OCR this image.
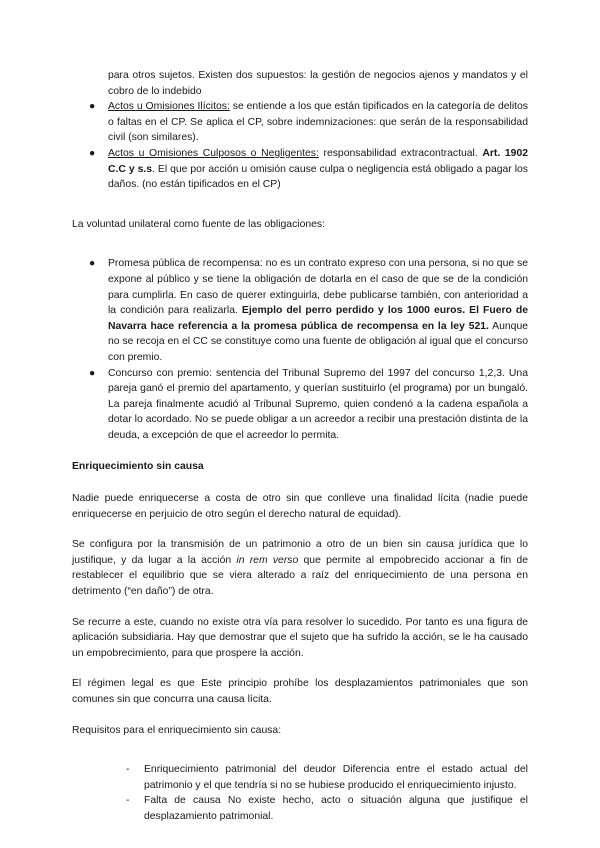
para otros sujetos. Existen dos supuestos: la gestión de negocios ajenos y mandatos y el cobro de lo indebido

● Actos u Omisiones Ilícitos: se entiende a los que están tipificados en la categoría de delitos o faltas en el CP. Se aplica el CP, sobre indemnizaciones: que serán de la responsabilidad civil (son similares).

● Actos u Omisiones Culposos o Negligentes: responsabilidad extracontractual. Art. 1902 C.C y s.s. El que por acción u omisión cause culpa o negligencia está obligado a pagar los daños. (no están tipificados en el CP)

La voluntad unilateral como fuente de las obligaciones:

● Promesa pública de recompensa: no es un contrato expreso con una persona, si no que se expone al público y se tiene la obligación de dotarla en el caso de que se de la condición para cumplirla. En caso de querer extinguirla, debe publicarse también, con anterioridad a la condición para realizarla. Ejemplo del perro perdido y los 1000 euros. El Fuero de Navarra hace referencia a la promesa pública de recompensa en la ley 521. Aunque no se recoja en el CC se constituye como una fuente de obligación al igual que el concurso con premio.

● Concurso con premio: sentencia del Tribunal Supremo del 1997 del concurso 1,2,3. Una pareja ganó el premio del apartamento, y querían sustituirlo (el programa) por un bungaló. La pareja finalmente acudió al Tribunal Supremo, quien condenó a la cadena española a dotar lo acordado. No se puede obligar a un acreedor a recibir una prestación distinta de la deuda, a excepción de que el acreedor lo permita.

Enriquecimiento sin causa

Nadie puede enriquecerse a costa de otro sin que conlleve una finalidad lícita (nadie puede enriquecerse en perjuicio de otro según el derecho natural de equidad).

Se configura por la transmisión de un patrimonio a otro de un bien sin causa jurídica que lo justifique, y da lugar a la acción in rem verso que permite al empobrecido accionar a fin de restablecer el equilibrio que se viera alterado a raíz del enriquecimiento de una persona en detrimento (“en daño”) de otra.

Se recurre a este, cuando no existe otra vía para resolver lo sucedido. Por tanto es una figura de aplicación subsidiaria. Hay que demostrar que el sujeto que ha sufrido la acción, se le ha causado un empobrecimiento, para que prospere la acción.

El régimen legal es que Este principio prohíbe los desplazamientos patrimoniales que son comunes sin que concurra una causa lícita.

Requisitos para el enriquecimiento sin causa:

- Enriquecimiento patrimonial del deudor Diferencia entre el estado actual del patrimonio y el que tendría si no se hubiese producido el enriquecimiento injusto.

- Falta de causa No existe hecho, acto o situación alguna que justifique el desplazamiento patrimonial.
